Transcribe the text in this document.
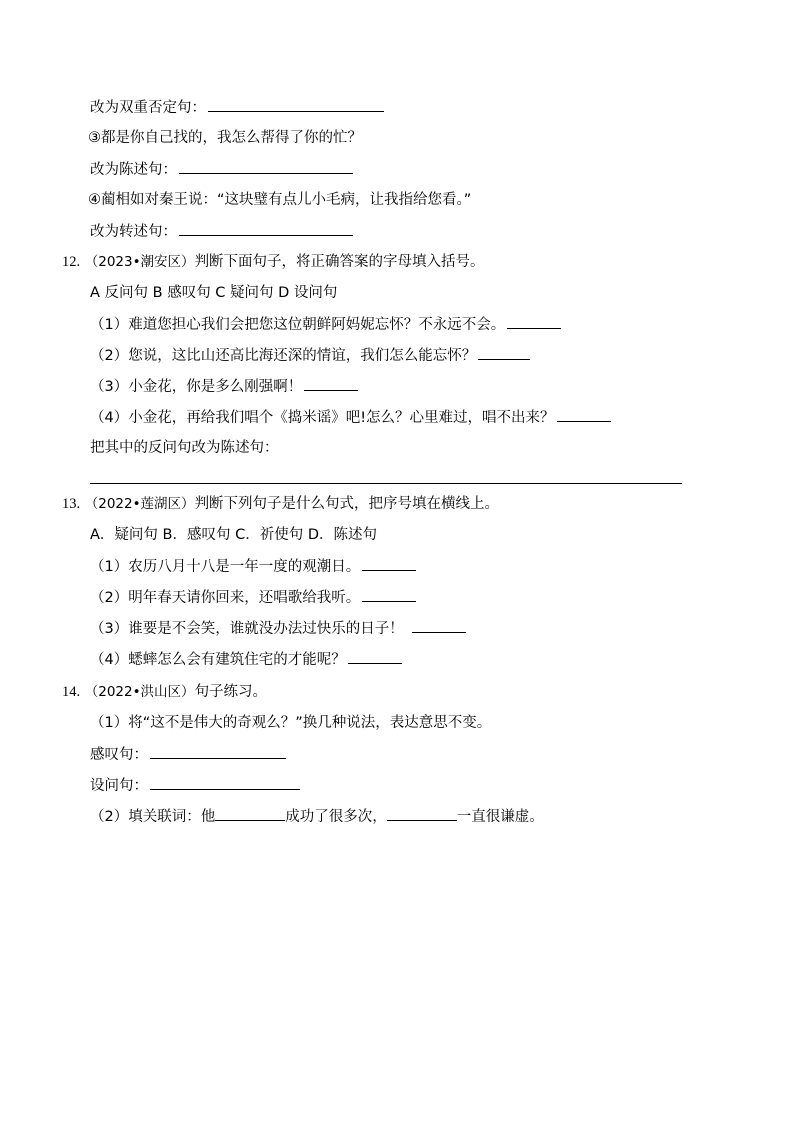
改为双重否定句：
③都是你自己找的，我怎么帮得了你的忙？
改为陈述句：
④蔺相如对秦王说：“这块璧有点儿小毛病，让我指给您看。”
改为转述句：
12. （2023•潮安区）判断下面句子，将正确答案的字母填入括号。
A 反问句 B 感叹句 C 疑问句 D 设问句
（1）难道您担心我们会把您这位朝鲜阿妈妮忘怀？不永远不会。
（2）您说，这比山还高比海还深的情谊，我们怎么能忘怀？
（3）小金花，你是多么刚强啊！
（4）小金花，再给我们唱个《捣米谣》吧!怎么？心里难过，唱不出来？
把其中的反问句改为陈述句：
13. （2022•莲湖区）判断下列句子是什么句式，把序号填在横线上。
A．疑问句 B．感叹句 C．祈使句 D．陈述句
（1）农历八月十八是一年一度的观潮日。
（2）明年春天请你回来，还唱歌给我听。
（3）谁要是不会笑，谁就没办法过快乐的日子！
（4）蟋蟀怎么会有建筑住宅的才能呢？
14. （2022•洪山区）句子练习。
（1）将“这不是伟大的奇观么？”换几种说法，表达意思不变。
感叹句：
设问句：
（2）填关联词：他	成功了很多次，	一直很谦虚。
